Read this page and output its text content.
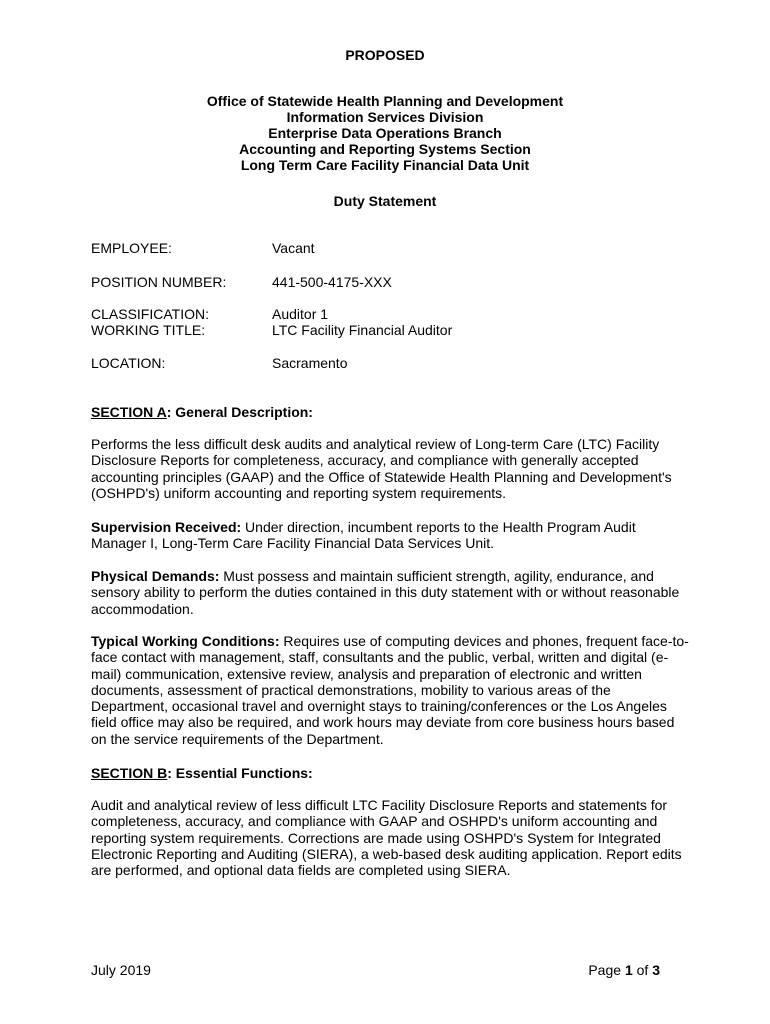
PROPOSED
Office of Statewide Health Planning and Development
Information Services Division
Enterprise Data Operations Branch
Accounting and Reporting Systems Section
Long Term Care Facility Financial Data Unit
Duty Statement
EMPLOYEE:	Vacant
POSITION NUMBER:	441-500-4175-XXX
CLASSIFICATION:	Auditor 1
WORKING TITLE:	LTC Facility Financial Auditor
LOCATION:	Sacramento
SECTION A: General Description:
Performs the less difficult desk audits and analytical review of Long-term Care (LTC) Facility Disclosure Reports for completeness, accuracy, and compliance with generally accepted accounting principles (GAAP) and the Office of Statewide Health Planning and Development's (OSHPD's) uniform accounting and reporting system requirements.
Supervision Received: Under direction, incumbent reports to the Health Program Audit Manager I, Long-Term Care Facility Financial Data Services Unit.
Physical Demands: Must possess and maintain sufficient strength, agility, endurance, and sensory ability to perform the duties contained in this duty statement with or without reasonable accommodation.
Typical Working Conditions: Requires use of computing devices and phones, frequent face-to-face contact with management, staff, consultants and the public, verbal, written and digital (e-mail) communication, extensive review, analysis and preparation of electronic and written documents, assessment of practical demonstrations, mobility to various areas of the Department, occasional travel and overnight stays to training/conferences or the Los Angeles field office may also be required, and work hours may deviate from core business hours based on the service requirements of the Department.
SECTION B: Essential Functions:
Audit and analytical review of less difficult LTC Facility Disclosure Reports and statements for completeness, accuracy, and compliance with GAAP and OSHPD's uniform accounting and reporting system requirements. Corrections are made using OSHPD's System for Integrated Electronic Reporting and Auditing (SIERA), a web-based desk auditing application. Report edits are performed, and optional data fields are completed using SIERA.
July 2019	Page 1 of 3
